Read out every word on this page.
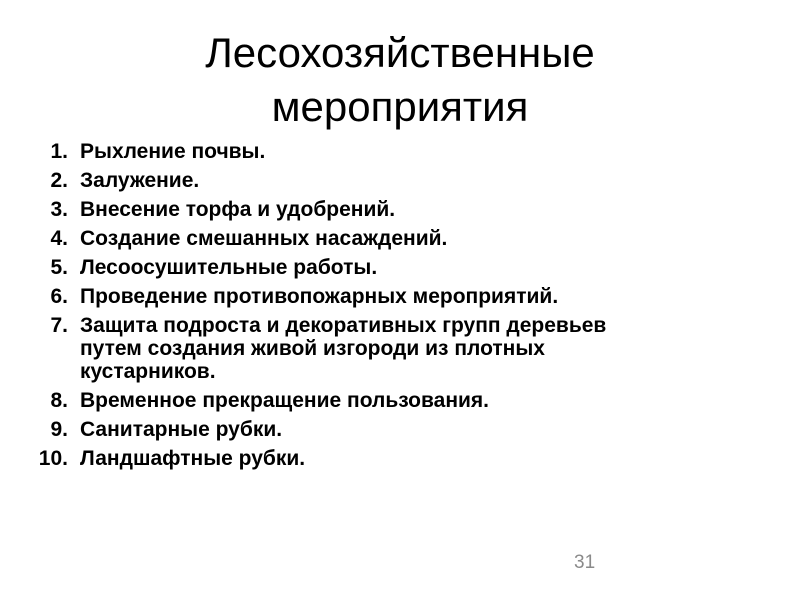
Лесохозяйственные
мероприятия
1. Рыхление почвы.
2. Залужение.
3. Внесение торфа и удобрений.
4. Создание смешанных насаждений.
5. Лесоосушительные работы.
6. Проведение противопожарных мероприятий.
7. Защита подроста и декоративных групп деревьев
путем создания живой изгороди из плотных
кустарников.
8. Временное прекращение пользования.
9. Санитарные рубки.
10. Ландшафтные рубки.
31
